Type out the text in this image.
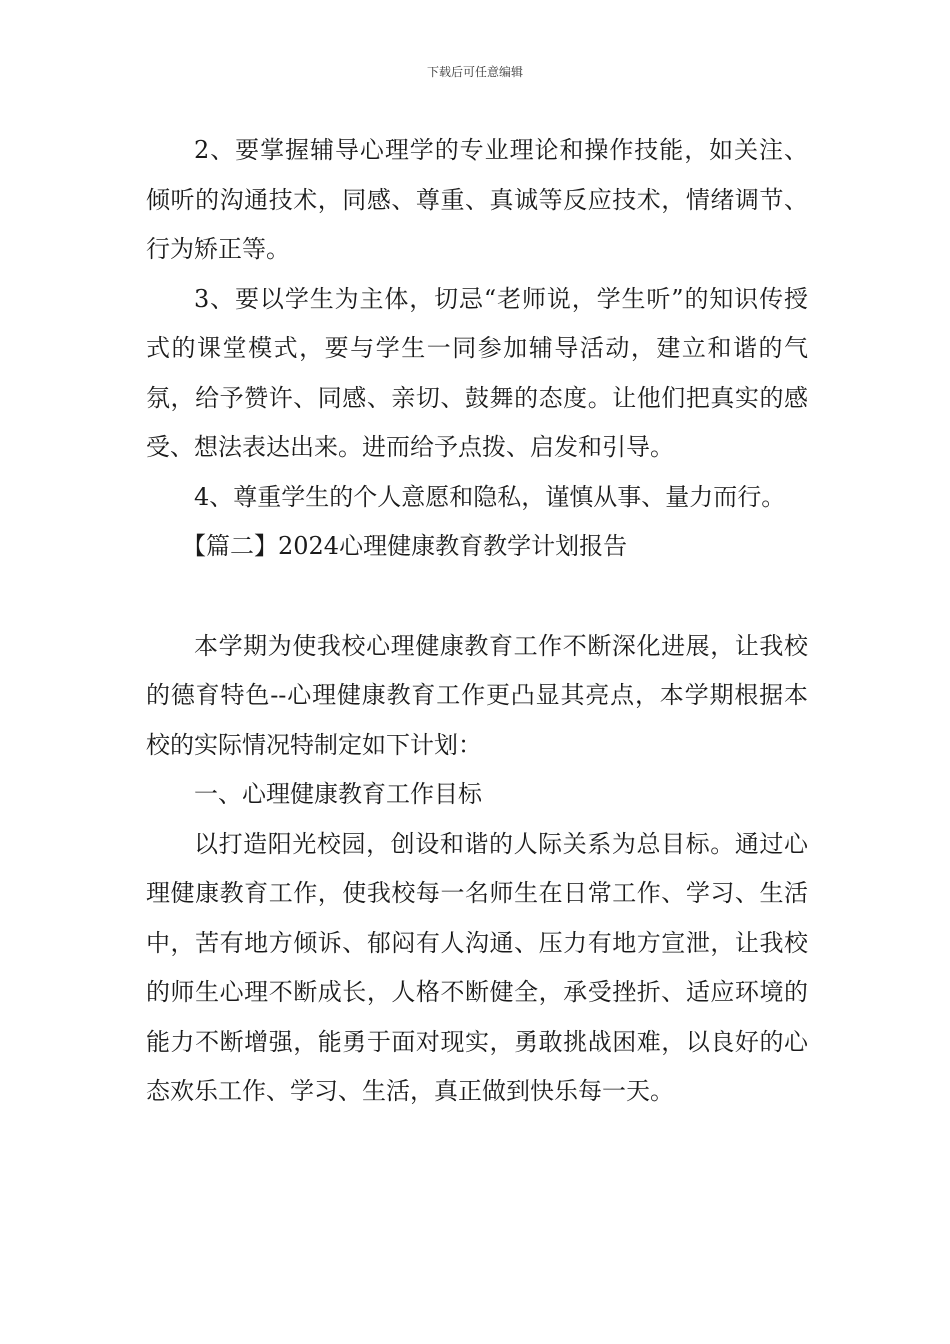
下载后可任意编辑

2、要掌握辅导心理学的专业理论和操作技能，如关注、倾听的沟通技术，同感、尊重、真诚等反应技术，情绪调节、行为矫正等。

3、要以学生为主体，切忌“老师说，学生听”的知识传授式的课堂模式，要与学生一同参加辅导活动，建立和谐的气氛，给予赞许、同感、亲切、鼓舞的态度。让他们把真实的感受、想法表达出来。进而给予点拨、启发和引导。

4、尊重学生的个人意愿和隐私，谨慎从事、量力而行。

【篇二】2024心理健康教育教学计划报告

本学期为使我校心理健康教育工作不断深化进展，让我校的德育特色--心理健康教育工作更凸显其亮点，本学期根据本校的实际情况特制定如下计划：

一、心理健康教育工作目标

以打造阳光校园，创设和谐的人际关系为总目标。通过心理健康教育工作，使我校每一名师生在日常工作、学习、生活中，苦有地方倾诉、郁闷有人沟通、压力有地方宣泄，让我校的师生心理不断成长，人格不断健全，承受挫折、适应环境的能力不断增强，能勇于面对现实，勇敢挑战困难，以良好的心态欢乐工作、学习、生活，真正做到快乐每一天。
